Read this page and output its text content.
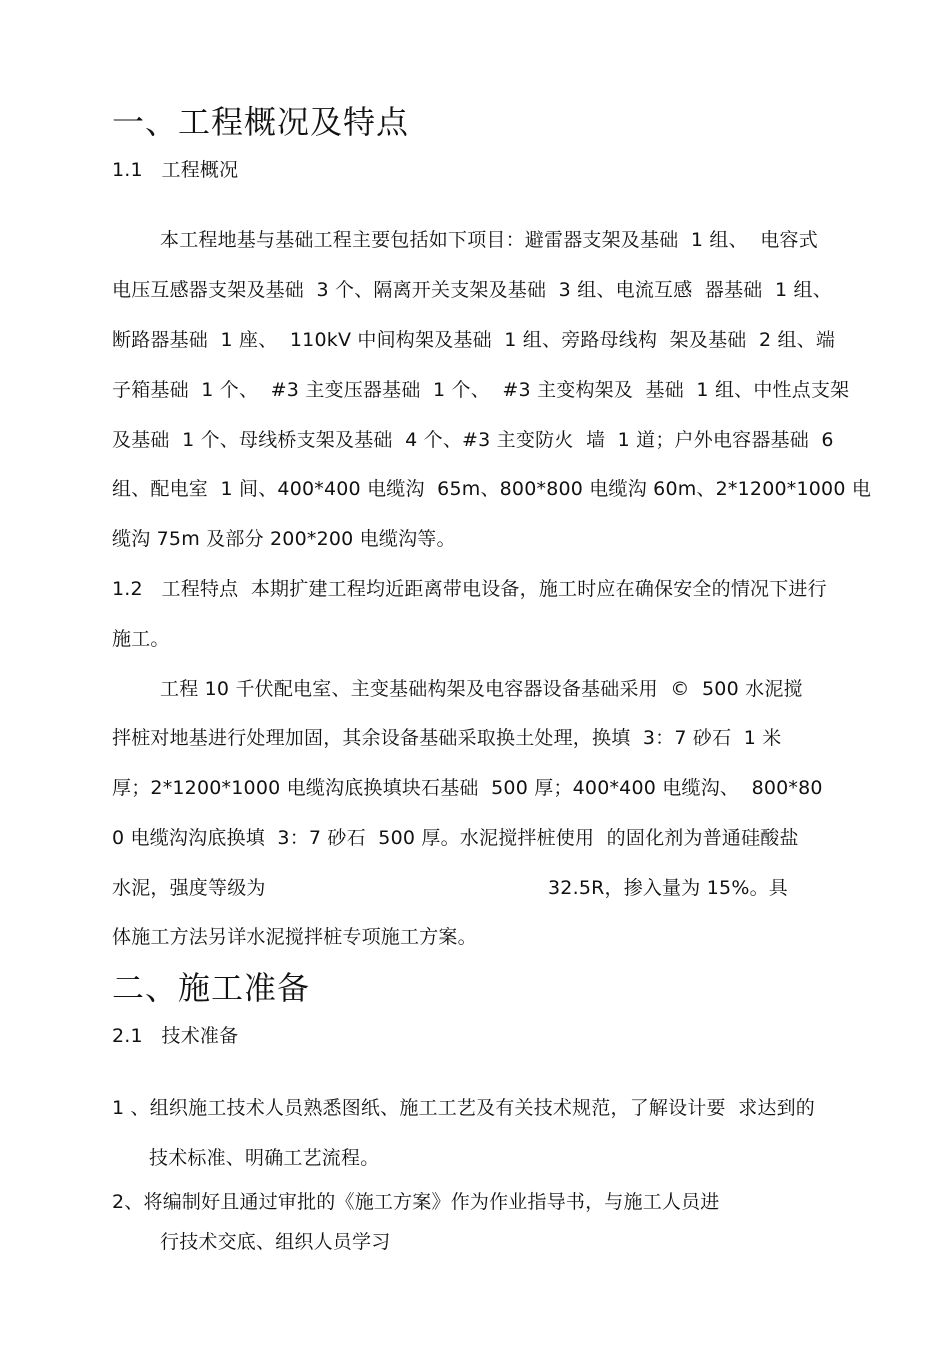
一、工程概况及特点
1.1   工程概况
本工程地基与基础工程主要包括如下项目：避雷器支架及基础  1 组、  电容式
电压互感器支架及基础  3 个、隔离开关支架及基础  3 组、电流互感  器基础  1 组、
断路器基础  1 座、  110kV 中间构架及基础  1 组、旁路母线构  架及基础  2 组、端
子箱基础  1 个、  #3 主变压器基础  1 个、  #3 主变构架及  基础  1 组、中性点支架
及基础  1 个、母线桥支架及基础  4 个、#3 主变防火  墙  1 道；户外电容器基础  6
组、配电室  1 间、400*400 电缆沟  65m、800*800 电缆沟 60m、2*1200*1000 电
缆沟 75m 及部分 200*200 电缆沟等。
1.2   工程特点  本期扩建工程均近距离带电设备，施工时应在确保安全的情况下进行
施工。
工程 10 千伏配电室、主变基础构架及电容器设备基础采用  ©  500 水泥搅
拌桩对地基进行处理加固，其余设备基础采取换土处理，换填  3：7 砂石  1 米
厚；2*1200*1000 电缆沟底换填块石基础  500 厚；400*400 电缆沟、  800*80
0 电缆沟沟底换填  3：7 砂石  500 厚。水泥搅拌桩使用  的固化剂为普通硅酸盐
水泥，强度等级为	32.5R，掺入量为 15%。具
体施工方法另详水泥搅拌桩专项施工方案。
二、施工准备
2.1   技术准备
1 、组织施工技术人员熟悉图纸、施工工艺及有关技术规范，了解设计要  求达到的
技术标准、明确工艺流程。
2、将编制好且通过审批的《施工方案》作为作业指导书，与施工人员进
行技术交底、组织人员学习
